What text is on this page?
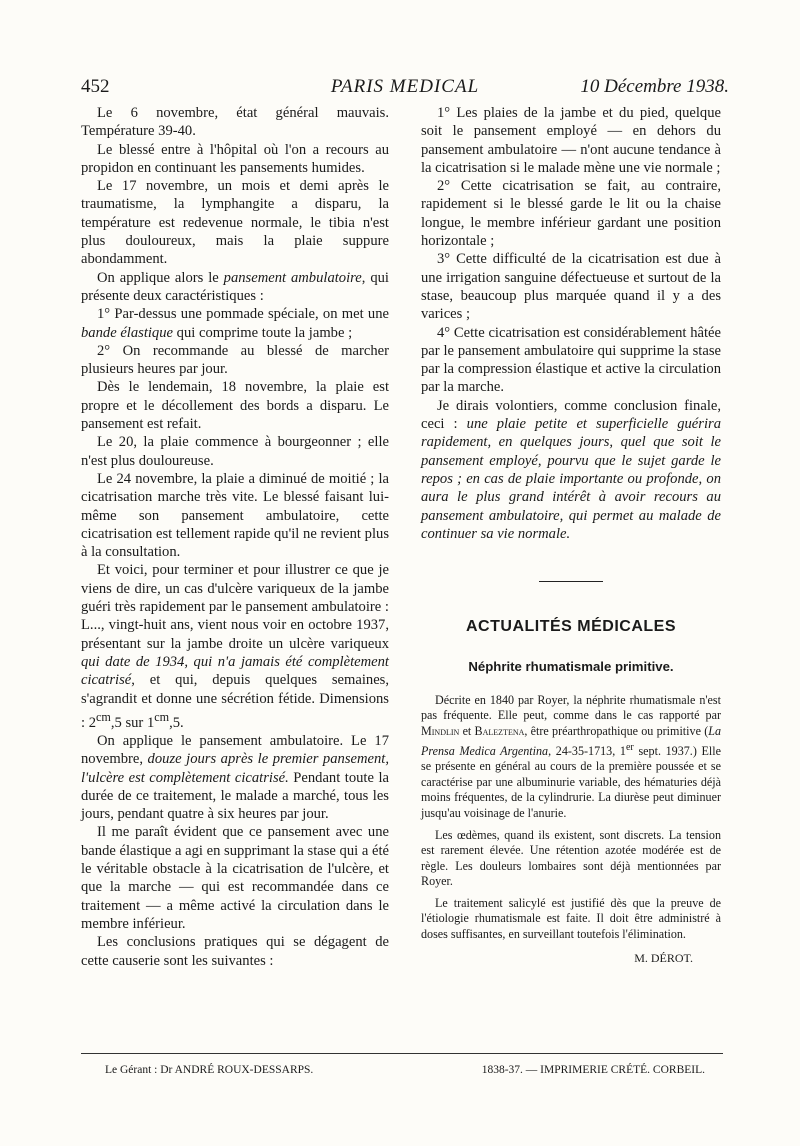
452	PARIS MEDICAL	10 Décembre 1938.

Le 6 novembre, état général mauvais. Température 39-40.

Le blessé entre à l'hôpital où l'on a recours au propidon en continuant les pansements humides.

Le 17 novembre, un mois et demi après le traumatisme, la lymphangite a disparu, la température est redevenue normale, le tibia n'est plus douloureux, mais la plaie suppure abondamment.

On applique alors le pansement ambulatoire, qui présente deux caractéristiques :

1° Par-dessus une pommade spéciale, on met une bande élastique qui comprime toute la jambe ;

2° On recommande au blessé de marcher plusieurs heures par jour.

Dès le lendemain, 18 novembre, la plaie est propre et le décollement des bords a disparu. Le pansement est refait.

Le 20, la plaie commence à bourgeonner ; elle n'est plus douloureuse.

Le 24 novembre, la plaie a diminué de moitié ; la cicatrisation marche très vite. Le blessé faisant lui-même son pansement ambulatoire, cette cicatrisation est tellement rapide qu'il ne revient plus à la consultation.

Et voici, pour terminer et pour illustrer ce que je viens de dire, un cas d'ulcère variqueux de la jambe guéri très rapidement par le pansement ambulatoire : L..., vingt-huit ans, vient nous voir en octobre 1937, présentant sur la jambe droite un ulcère variqueux qui date de 1934, qui n'a jamais été complètement cicatrisé, et qui, depuis quelques semaines, s'agrandit et donne une sécrétion fétide. Dimensions : $2^{cm},5$ sur $1^{cm},5$.

On applique le pansement ambulatoire. Le 17 novembre, douze jours après le premier pansement, l'ulcère est complètement cicatrisé. Pendant toute la durée de ce traitement, le malade a marché, tous les jours, pendant quatre à six heures par jour.

Il me paraît évident que ce pansement avec une bande élastique a agi en supprimant la stase qui a été le véritable obstacle à la cicatrisation de l'ulcère, et que la marche — qui est recommandée dans ce traitement — a même activé la circulation dans le membre inférieur.

Les conclusions pratiques qui se dégagent de cette causerie sont les suivantes :

1° Les plaies de la jambe et du pied, quelque soit le pansement employé — en dehors du pansement ambulatoire — n'ont aucune tendance à la cicatrisation si le malade mène une vie normale ;

2° Cette cicatrisation se fait, au contraire, rapidement si le blessé garde le lit ou la chaise longue, le membre inférieur gardant une position horizontale ;

3° Cette difficulté de la cicatrisation est due à une irrigation sanguine défectueuse et surtout de la stase, beaucoup plus marquée quand il y a des varices ;

4° Cette cicatrisation est considérablement hâtée par le pansement ambulatoire qui supprime la stase par la compression élastique et active la circulation par la marche.

Je dirais volontiers, comme conclusion finale, ceci : une plaie petite et superficielle guérira rapidement, en quelques jours, quel que soit le pansement employé, pourvu que le sujet garde le repos ; en cas de plaie importante ou profonde, on aura le plus grand intérêt à avoir recours au pansement ambulatoire, qui permet au malade de continuer sa vie normale.

ACTUALITÉS MÉDICALES
Néphrite rhumatismale primitive.

Décrite en 1840 par Royer, la néphrite rhumatismale n'est pas fréquente. Elle peut, comme dans le cas rapporté par Mindlin et Baleztena, être préarthropathique ou primitive (La Prensa Medica Argentina, 24-35-1713, 1er sept. 1937.) Elle se présente en général au cours de la première poussée et se caractérise par une albuminurie variable, des hématuries déjà moins fréquentes, de la cylindrurie. La diurèse peut diminuer jusqu'au voisinage de l'anurie.

Les œdèmes, quand ils existent, sont discrets. La tension est rarement élevée. Une rétention azotée modérée est de règle. Les douleurs lombaires sont déjà mentionnées par Royer.

Le traitement salicylé est justifié dès que la preuve de l'étiologie rhumatismale est faite. Il doit être administré à doses suffisantes, en surveillant toutefois l'élimination.

M. DÉROT.
Le Gérant : Dr ANDRÉ ROUX-DESSARPS.	1838-37. — IMPRIMERIE CRÉTÉ. CORBEIL.
